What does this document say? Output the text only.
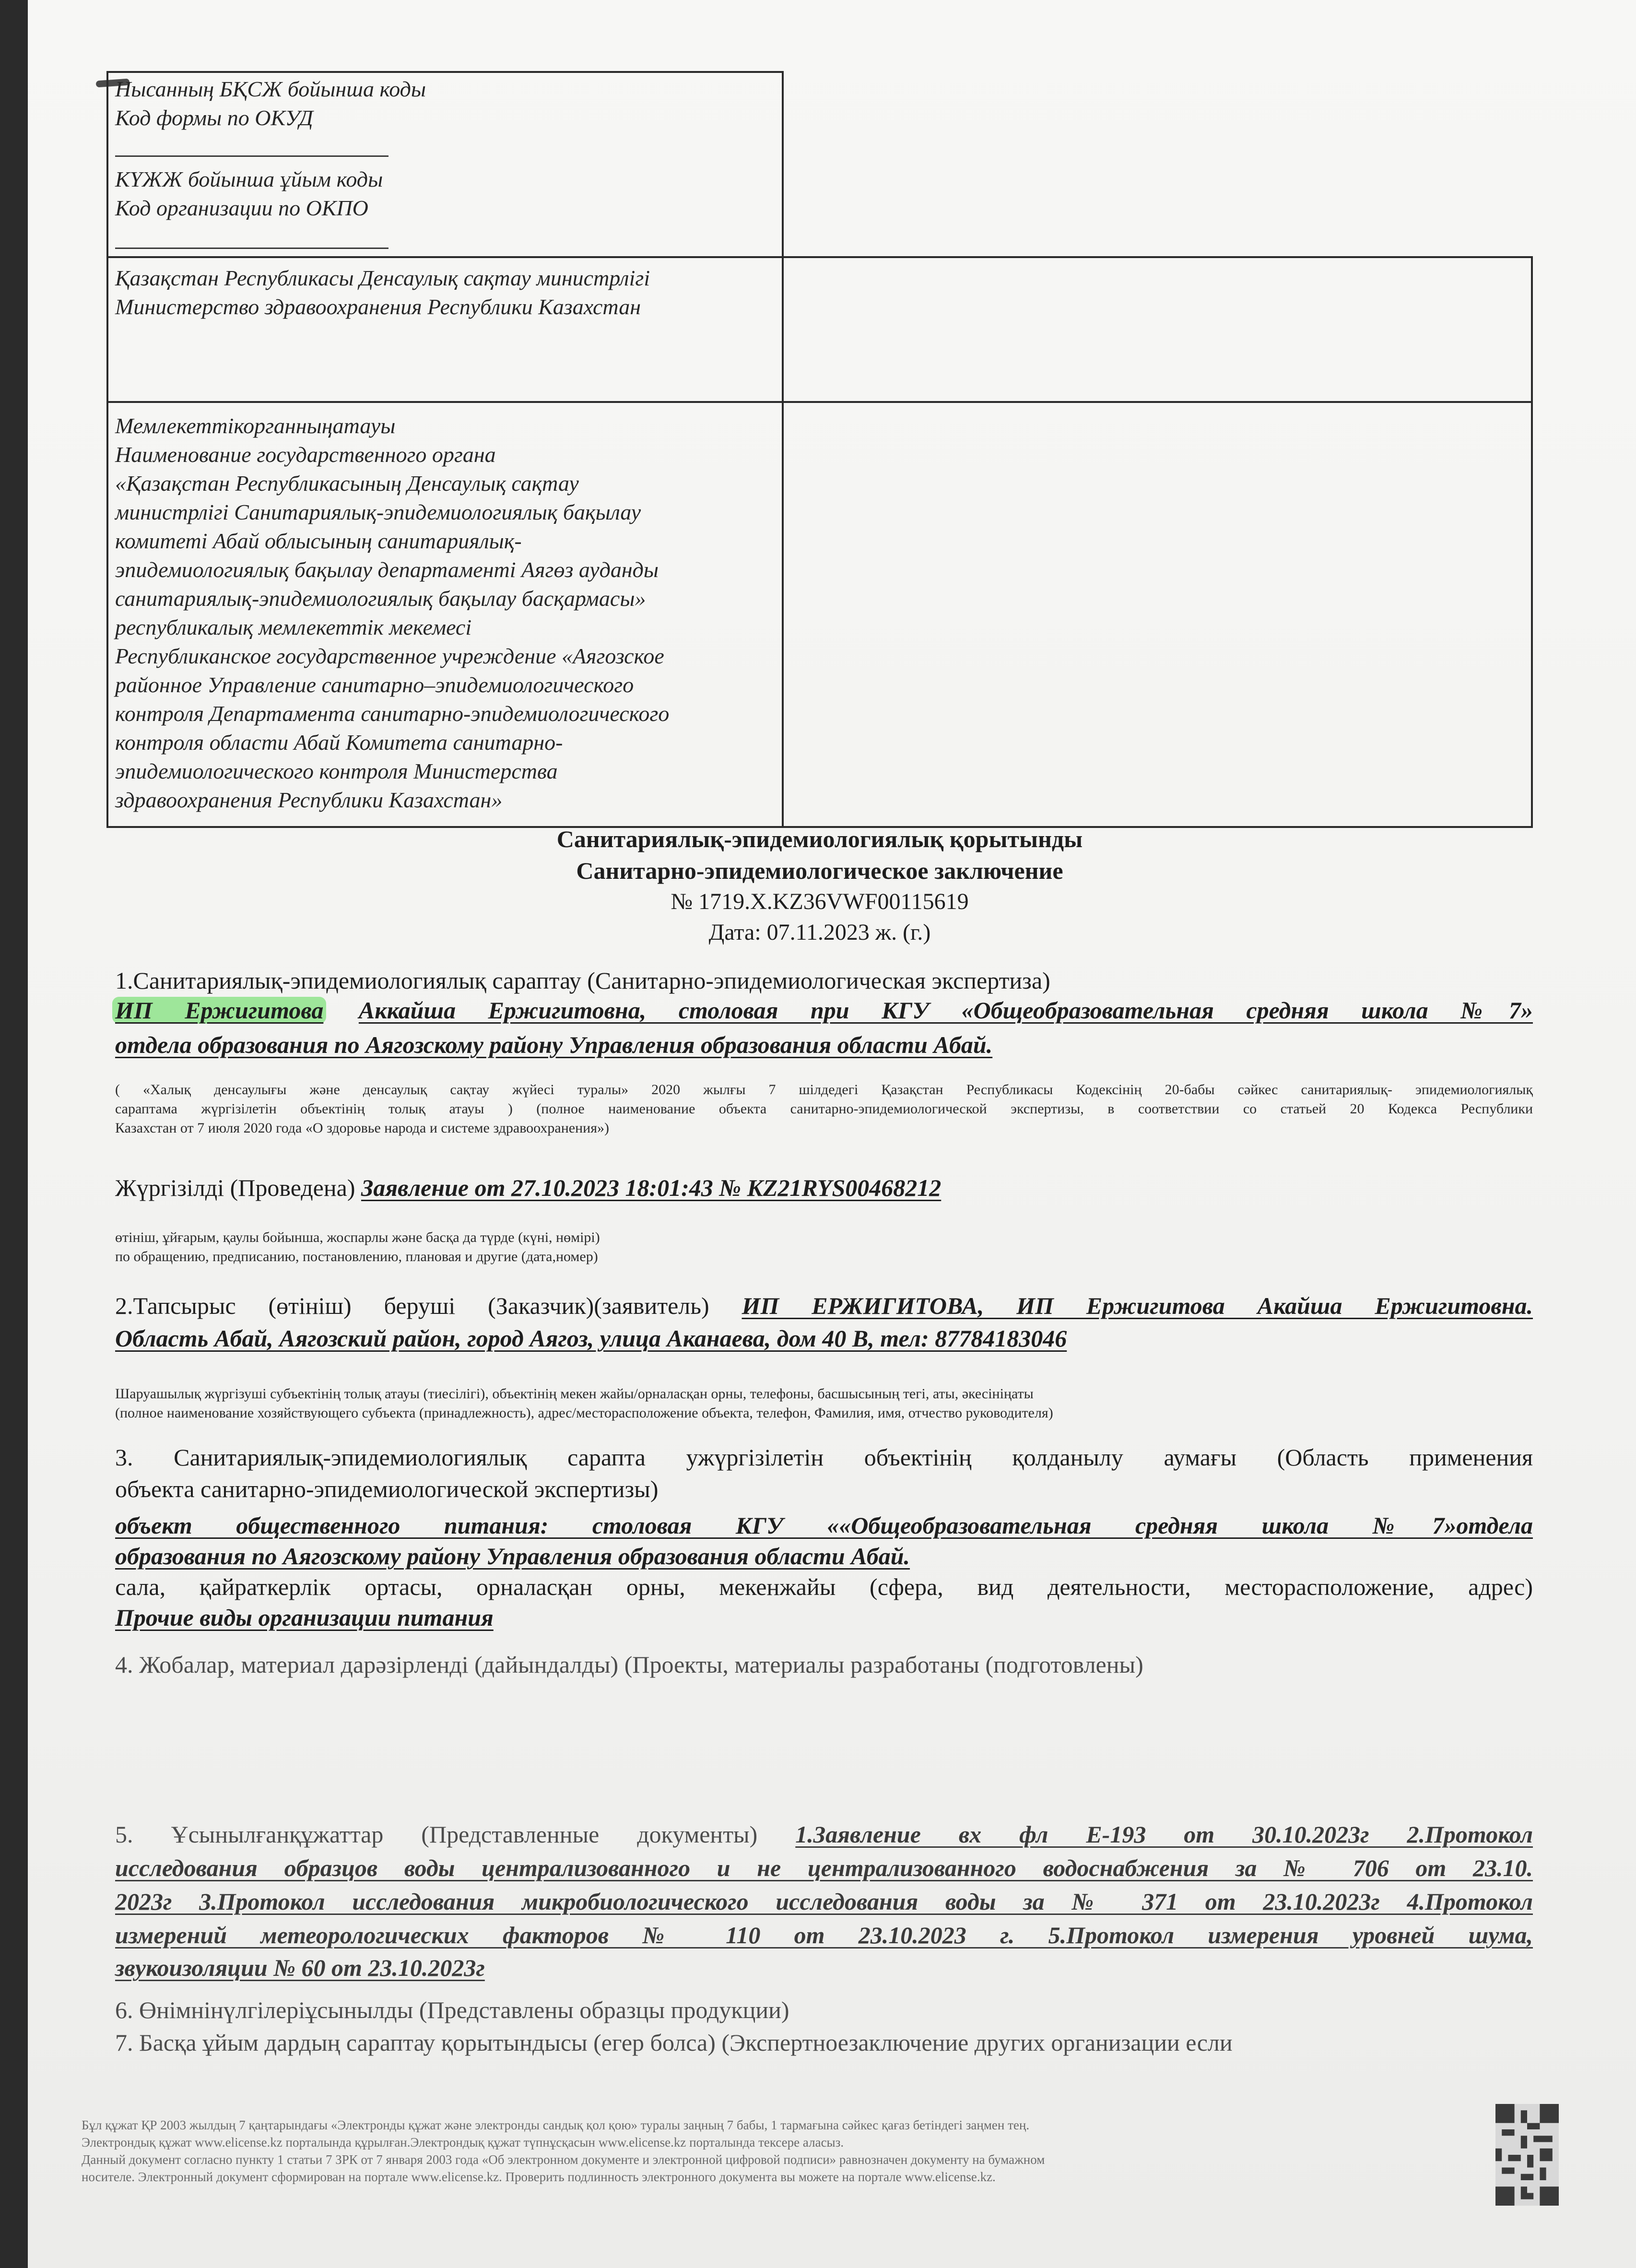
Нысанның БҚСЖ бойынша коды
Код формы по ОКУД
КҮЖЖ бойынша ұйым коды
Код организации по ОКПО
Қазақстан Республикасы Денсаулық сақтау министрлігі
Министерство здравоохранения Республики Казахстан
Мемлекеттікорганныңатауы
Наименование государственного органа
«Қазақстан Республикасының Денсаулық сақтау
министрлігі Санитариялық-эпидемиологиялық бақылау
комитеті Абай облысының санитариялық-
эпидемиологиялық бақылау департаменті Аягөз ауданды
санитариялық-эпидемиологиялық бақылау басқармасы»
республикалық мемлекеттік мекемесі
Республиканское государственное учреждение «Аягозское
районное Управление санитарно–эпидемиологического
контроля Департамента санитарно-эпидемиологического
контроля области Абай Комитета санитарно-
эпидемиологического контроля Министерства
здравоохранения Республики Казахстан»
Санитариялық-эпидемиологиялық қорытынды
Санитарно-эпидемиологическое заключение
№ 1719.Х.KZ36VWF00115619
Дата: 07.11.2023 ж. (г.)
1.Санитариялық-эпидемиологиялық сараптау (Санитарно-эпидемиологическая экспертиза)
ИП Ержигитова Аккайша Ержигитовна, столовая при КГУ «Общеобразовательная средняя школа №7»
отдела образования по Аягозскому району Управления образования области Абай.
( «Халық денсаулығы және денсаулық сақтау жүйесі туралы» 2020 жылғы 7 шілдедегі Қазақстан Республикасы Кодексінің 20-бабы сәйкес санитариялық- эпидемиологиялық
сараптама жүргізілетін объектінің толық атауы ) (полное наименование объекта санитарно-эпидемиологической экспертизы, в соответствии со статьей 20 Кодекса Республики
Казахстан от 7 июля 2020 года «О здоровье народа и системе здравоохранения»)
Жүргізілді (Проведена) Заявление от 27.10.2023 18:01:43 № KZ21RYS00468212
өтініш, ұйғарым, қаулы бойынша, жоспарлы және басқа да түрде (күні, нөмірі)
по обращению, предписанию, постановлению, плановая и другие (дата,номер)
2.Тапсырыс (өтініш) беруші (Заказчик)(заявитель) ИП ЕРЖИГИТОВА, ИП Ержигитова Акайша Ержигитовна.
Область Абай, Аягозский район, город Аягоз, улица Аканаева, дом 40 В, тел: 87784183046
Шаруашылық жүргізуші субъектінің толық атауы (тиесілігі), объектінің мекен жайы/орналасқан орны, телефоны, басшысының тегі, аты, әкесініңаты
(полное наименование хозяйствующего субъекта (принадлежность), адрес/месторасположение объекта, телефон, Фамилия, имя, отчество руководителя)
3. Санитариялық-эпидемиологиялық сарапта ужүргізілетін объектінің қолданылу аумағы (Область применения
объекта санитарно-эпидемиологической экспертизы)
объект общественного питания: столовая КГУ ««Общеобразовательная средняя школа №7»отдела
образования по Аягозскому району Управления образования области Абай.
сала, қайраткерлік ортасы, орналасқан орны, мекенжайы (сфера, вид деятельности, месторасположение, адрес)
Прочие виды организации питания
4. Жобалар, материал дарәзірленді (дайындалды) (Проекты, материалы разработаны (подготовлены)
5. Ұсынылғанқұжаттар (Представленные документы) 1.Заявление вх фл Е-193 от 30.10.2023г 2.Протокол
исследования образцов воды централизованного и не централизованного водоснабжения за № 706 от 23.10.
2023г 3.Протокол исследования микробиологического исследования воды за № 371 от 23.10.2023г 4.Протокол
измерений метеорологических факторов № 110 от 23.10.2023 г. 5.Протокол измерения уровней шума,
звукоизоляции № 60 от 23.10.2023г
6. Өнімнінүлгілеріұсынылды (Представлены образцы продукции)
7. Басқа ұйым дардың сараптау қорытындысы (егер болса) (Экспертноезаключение других организации если
Бұл құжат ҚР 2003 жылдың 7 қаңтарындағы «Электронды құжат және электронды сандық қол қою» туралы заңның 7 бабы, 1 тармағына сәйкес қағаз бетіндегі заңмен тең.
Электрондық құжат www.elicense.kz порталында құрылған.Электрондық құжат түпнұсқасын www.elicense.kz порталында тексере аласыз.
Данный документ согласно пункту 1 статьи 7 ЗРК от 7 января 2003 года «Об электронном документе и электронной цифровой подписи» равнозначен документу на бумажном
носителе. Электронный документ сформирован на портале www.elicense.kz. Проверить подлинность электронного документа вы можете на портале www.elicense.kz.
